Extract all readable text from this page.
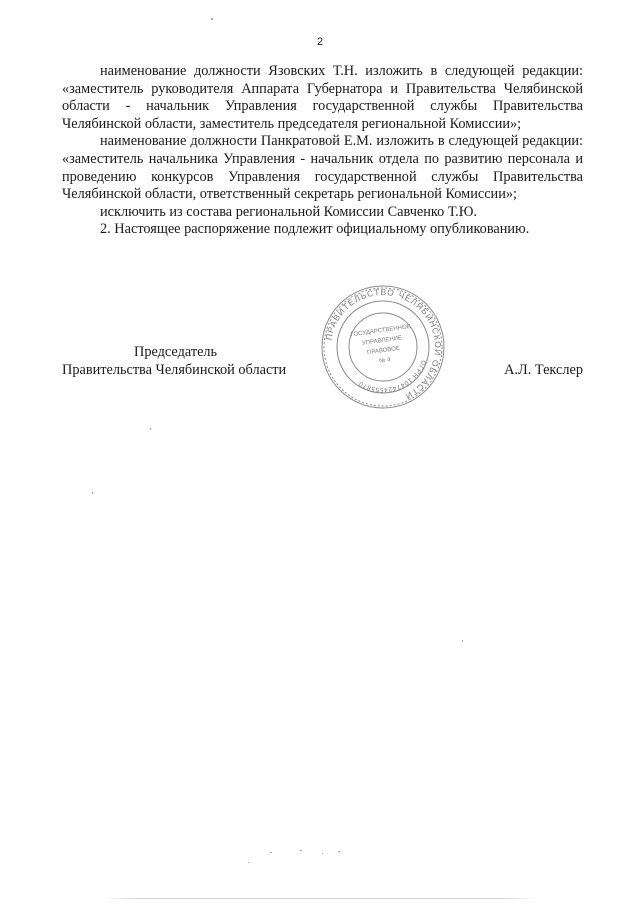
2

наименование должности Язовских Т.Н. изложить в следующей редакции: «заместитель руководителя Аппарата Губернатора и Правительства Челябинской области - начальник Управления государственной службы Правительства Челябинской области, заместитель председателя региональной Комиссии»;

наименование должности Панкратовой Е.М. изложить в следующей редакции: «заместитель начальника Управления - начальник отдела по развитию персонала и проведению конкурсов Управления государственной службы Правительства Челябинской области, ответственный секретарь региональной Комиссии»;

исключить из состава региональной Комиссии Савченко Т.Ю.

2. Настоящее распоряжение подлежит официальному опубликованию.

ПРАВИТЕЛЬСТВО ЧЕЛЯБИНСКОЙ ОБЛАСТИ
ОГРН 1047424555870
ГОСУДАРСТВЕННОЕ
УПРАВЛЕНИЕ
ПРАВОВОЕ
№ 4
Председатель
Правительства Челябинской области	А.Л. Текслер
